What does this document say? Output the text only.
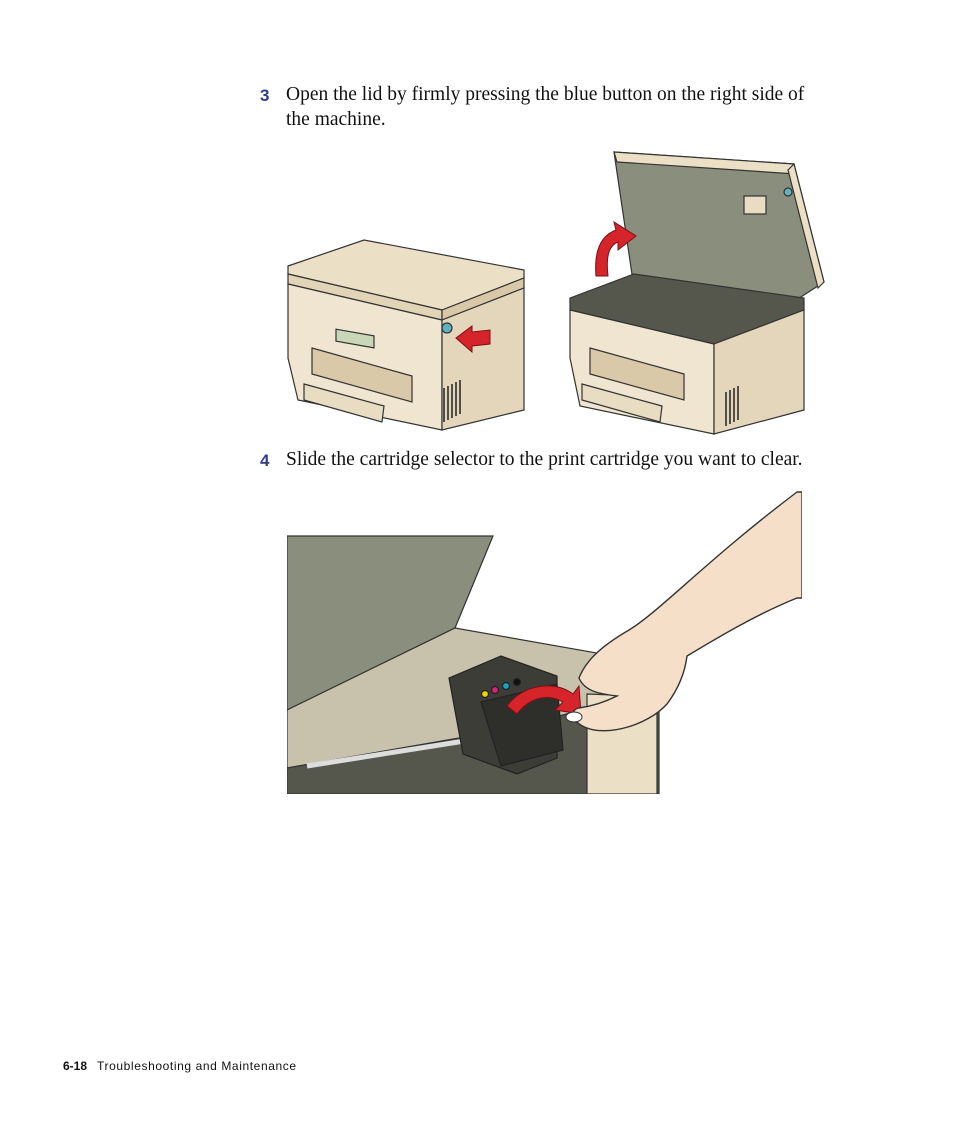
3 Open the lid by firmly pressing the blue button on the right side of the machine.
4 Slide the cartridge selector to the print cartridge you want to clear.
6-18 Troubleshooting and Maintenance
